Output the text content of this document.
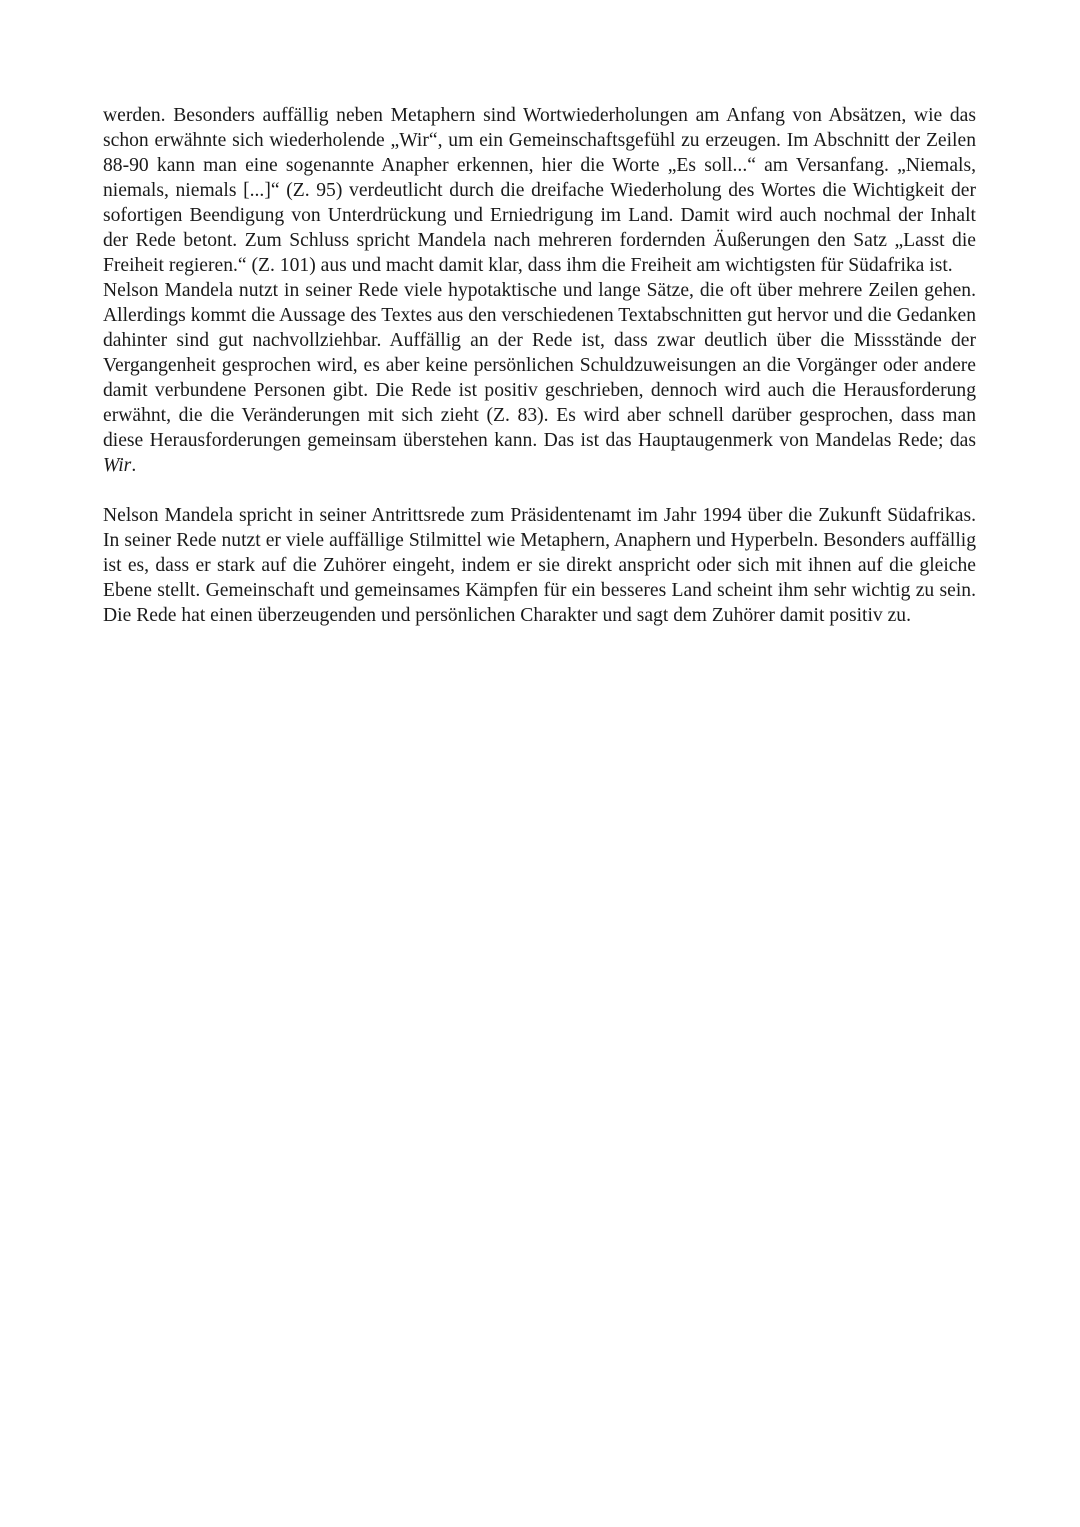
werden. Besonders auffällig neben Metaphern sind Wortwiederholungen am Anfang von Absätzen, wie das schon erwähnte sich wiederholende „Wir“, um ein Gemeinschaftsgefühl zu erzeugen. Im Abschnitt der Zeilen 88-90 kann man eine sogenannte Anapher erkennen, hier die Worte „Es soll...“ am Versanfang. „Niemals, niemals, niemals [...]“ (Z. 95) verdeutlicht durch die dreifache Wiederholung des Wortes die Wichtigkeit der sofortigen Beendigung von Unterdrückung und Erniedrigung im Land. Damit wird auch nochmal der Inhalt der Rede betont. Zum Schluss spricht Mandela nach mehreren fordernden Äußerungen den Satz „Lasst die Freiheit regieren.“ (Z. 101) aus und macht damit klar, dass ihm die Freiheit am wichtigsten für Südafrika ist.

Nelson Mandela nutzt in seiner Rede viele hypotaktische und lange Sätze, die oft über mehrere Zeilen gehen. Allerdings kommt die Aussage des Textes aus den verschiedenen Textabschnitten gut hervor und die Gedanken dahinter sind gut nachvollziehbar. Auffällig an der Rede ist, dass zwar deutlich über die Missstände der Vergangenheit gesprochen wird, es aber keine persönlichen Schuldzuweisungen an die Vorgänger oder andere damit verbundene Personen gibt. Die Rede ist positiv geschrieben, dennoch wird auch die Herausforderung erwähnt, die die Veränderungen mit sich zieht (Z. 83). Es wird aber schnell darüber gesprochen, dass man diese Herausforderungen gemeinsam überstehen kann. Das ist das Hauptaugenmerk von Mandelas Rede; das Wir.

Nelson Mandela spricht in seiner Antrittsrede zum Präsidentenamt im Jahr 1994 über die Zukunft Südafrikas. In seiner Rede nutzt er viele auffällige Stilmittel wie Metaphern, Anaphern und Hyperbeln. Besonders auffällig ist es, dass er stark auf die Zuhörer eingeht, indem er sie direkt anspricht oder sich mit ihnen auf die gleiche Ebene stellt. Gemeinschaft und gemeinsames Kämpfen für ein besseres Land scheint ihm sehr wichtig zu sein. Die Rede hat einen überzeugenden und persönlichen Charakter und sagt dem Zuhörer damit positiv zu.
